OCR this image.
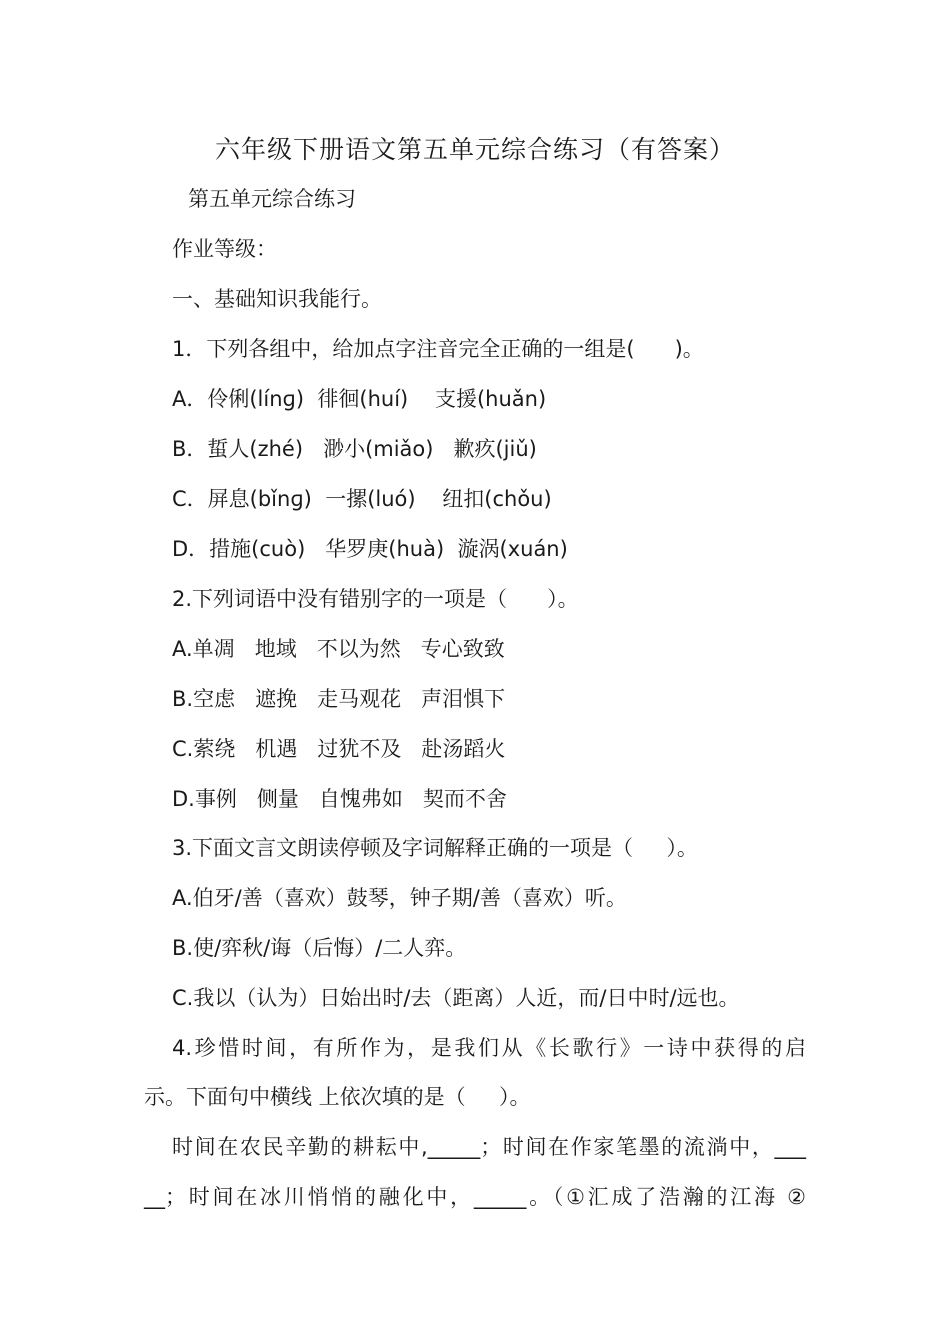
六年级下册语文第五单元综合练习（有答案）
第五单元综合练习
作业等级：
一、基础知识我能行。
1．下列各组中，给加点字注音完全正确的一组是(      )。
A．伶俐(línɡ)  徘徊(huí)    支援(huǎn)
B．蜇人(zhé)   渺小(miǎo)   歉疚(jiǔ)
C．屏息(bǐnɡ)  一摞(luó)    纽扣(chǒu)
D．措施(cuò)   华罗庚(huà)  漩涡(xuán)
2.下列词语中没有错别字的一项是（      ）。
A.单凋   地域   不以为然   专心致致
B.空虑   遮挽   走马观花   声泪惧下
C.萦绕   机遇   过犹不及   赴汤蹈火
D.事例   侧量   自愧弗如   契而不舍
3.下面文言文朗读停顿及字词解释正确的一项是（     ）。
A.伯牙/善（喜欢）鼓琴，钟子期/善（喜欢）听。
B.使/弈秋/诲（后悔）/二人弈。
C.我以（认为）日始出时/去（距离）人近，而/日中时/远也。
4.珍惜时间，有所作为，是我们从《长歌行》一诗中获得的启
示。下面句中横线 上依次填的是（     ）。
时间在农民辛勤的耕耘中,_____；时间在作家笔墨的流淌中，___
__；时间在冰川悄悄的融化中，_____。（①汇成了浩瀚的江海 ②
